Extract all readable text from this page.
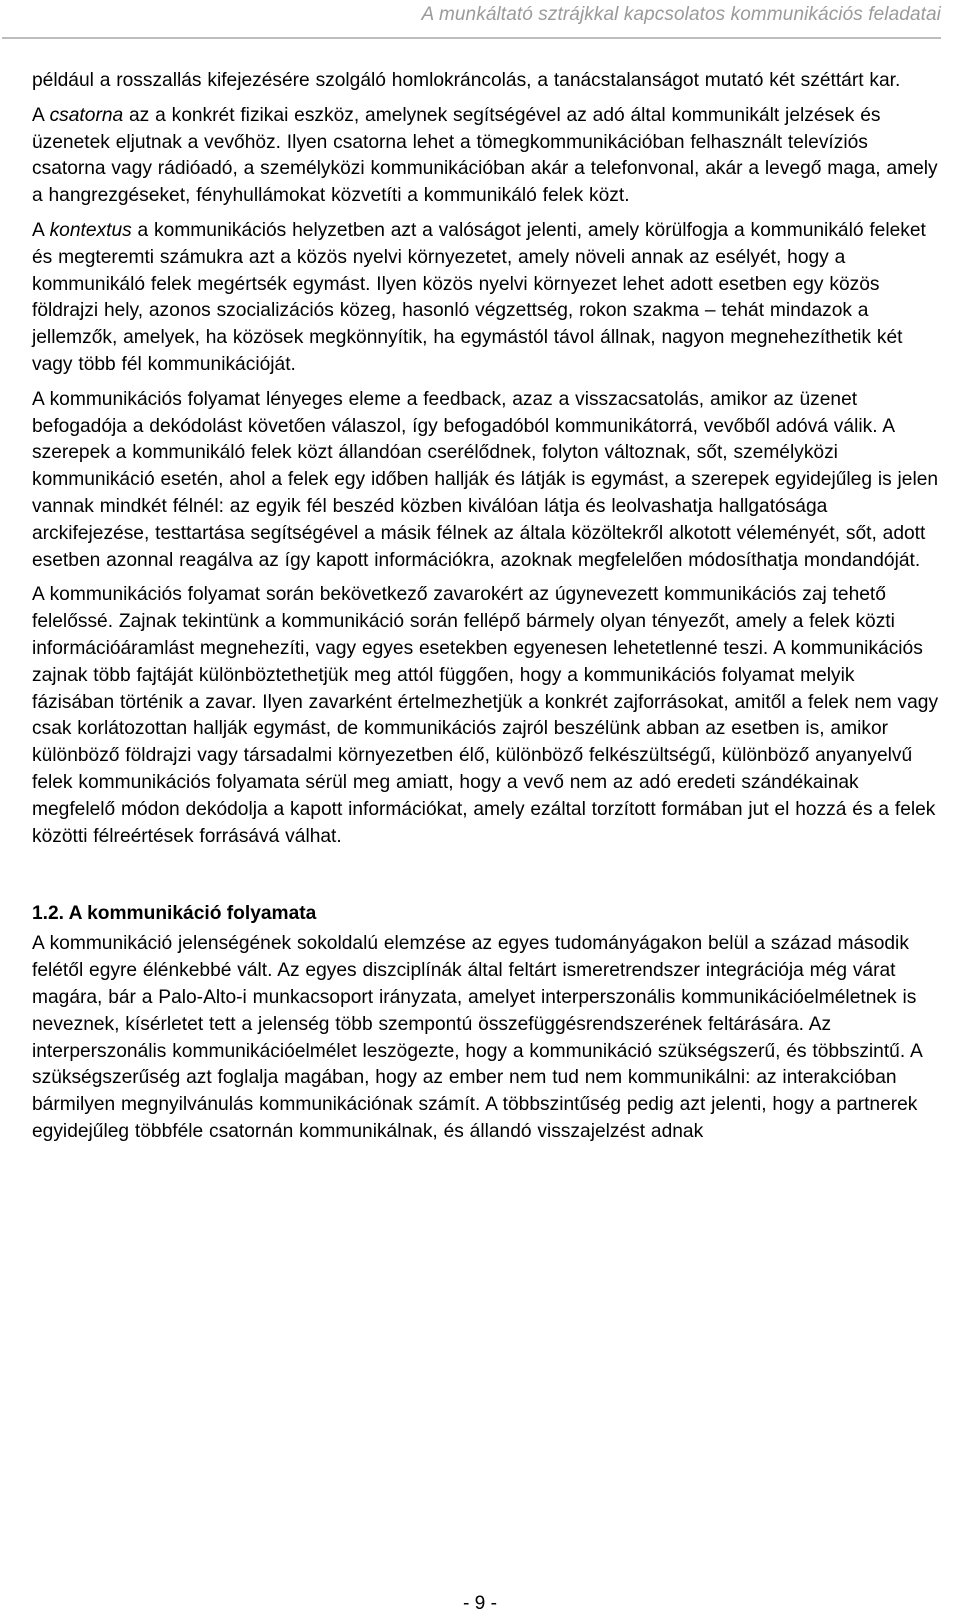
A munkáltató sztrájkkal kapcsolatos kommunikációs feladatai

például a rosszallás kifejezésére szolgáló homlokráncolás, a tanácstalanságot mutató két széttárt kar.

A csatorna az a konkrét fizikai eszköz, amelynek segítségével az adó által kommunikált jelzések és üzenetek eljutnak a vevőhöz. Ilyen csatorna lehet a tömegkommunikációban felhasznált televíziós csatorna vagy rádióadó, a személyközi kommunikációban akár a telefonvonal, akár a levegő maga, amely a hangrezgéseket, fényhullámokat közvetíti a kommunikáló felek közt.

A kontextus a kommunikációs helyzetben azt a valóságot jelenti, amely körülfogja a kommunikáló feleket és megteremti számukra azt a közös nyelvi környezetet, amely növeli annak az esélyét, hogy a kommunikáló felek megértsék egymást. Ilyen közös nyelvi környezet lehet adott esetben egy közös földrajzi hely, azonos szocializációs közeg, hasonló végzettség, rokon szakma – tehát mindazok a jellemzők, amelyek, ha közösek megkönnyítik, ha egymástól távol állnak, nagyon megnehezíthetik két vagy több fél kommunikációját.

A kommunikációs folyamat lényeges eleme a feedback, azaz a visszacsatolás, amikor az üzenet befogadója a dekódolást követően válaszol, így befogadóból kommunikátorrá, vevőből adóvá válik. A szerepek a kommunikáló felek közt állandóan cserélődnek, folyton változnak, sőt, személyközi kommunikáció esetén, ahol a felek egy időben hallják és látják is egymást, a szerepek egyidejűleg is jelen vannak mindkét félnél: az egyik fél beszéd közben kiválóan látja és leolvashatja hallgatósága arckifejezése, testtartása segítségével a másik félnek az általa közöltekről alkotott véleményét, sőt, adott esetben azonnal reagálva az így kapott információkra, azoknak megfelelően módosíthatja mondandóját.

A kommunikációs folyamat során bekövetkező zavarokért az úgynevezett kommunikációs zaj tehető felelőssé. Zajnak tekintünk a kommunikáció során fellépő bármely olyan tényezőt, amely a felek közti információáramlást megnehezíti, vagy egyes esetekben egyenesen lehetetlenné teszi. A kommunikációs zajnak több fajtáját különböztethetjük meg attól függően, hogy a kommunikációs folyamat melyik fázisában történik a zavar. Ilyen zavarként értelmezhetjük a konkrét zajforrásokat, amitől a felek nem vagy csak korlátozottan hallják egymást, de kommunikációs zajról beszélünk abban az esetben is, amikor különböző földrajzi vagy társadalmi környezetben élő, különböző felkészültségű, különböző anyanyelvű felek kommunikációs folyamata sérül meg amiatt, hogy a vevő nem az adó eredeti szándékainak megfelelő módon dekódolja a kapott információkat, amely ezáltal torzított formában jut el hozzá és a felek közötti félreértések forrásává válhat.

1.2. A kommunikáció folyamata

A kommunikáció jelenségének sokoldalú elemzése az egyes tudományágakon belül a század második felétől egyre élénkebbé vált. Az egyes diszciplínák által feltárt ismeretrendszer integrációja még várat magára, bár a Palo-Alto-i munkacsoport irányzata, amelyet interperszonális kommunikációelméletnek is neveznek, kísérletet tett a jelenség több szempontú összefüggésrendszerének feltárására. Az interperszonális kommunikációelmélet leszögezte, hogy a kommunikáció szükségszerű, és többszintű. A szükségszerűség azt foglalja magában, hogy az ember nem tud nem kommunikálni: az interakcióban bármilyen megnyilvánulás kommunikációnak számít. A többszintűség pedig azt jelenti, hogy a partnerek egyidejűleg többféle csatornán kommunikálnak, és állandó visszajelzést adnak

- 9 -
